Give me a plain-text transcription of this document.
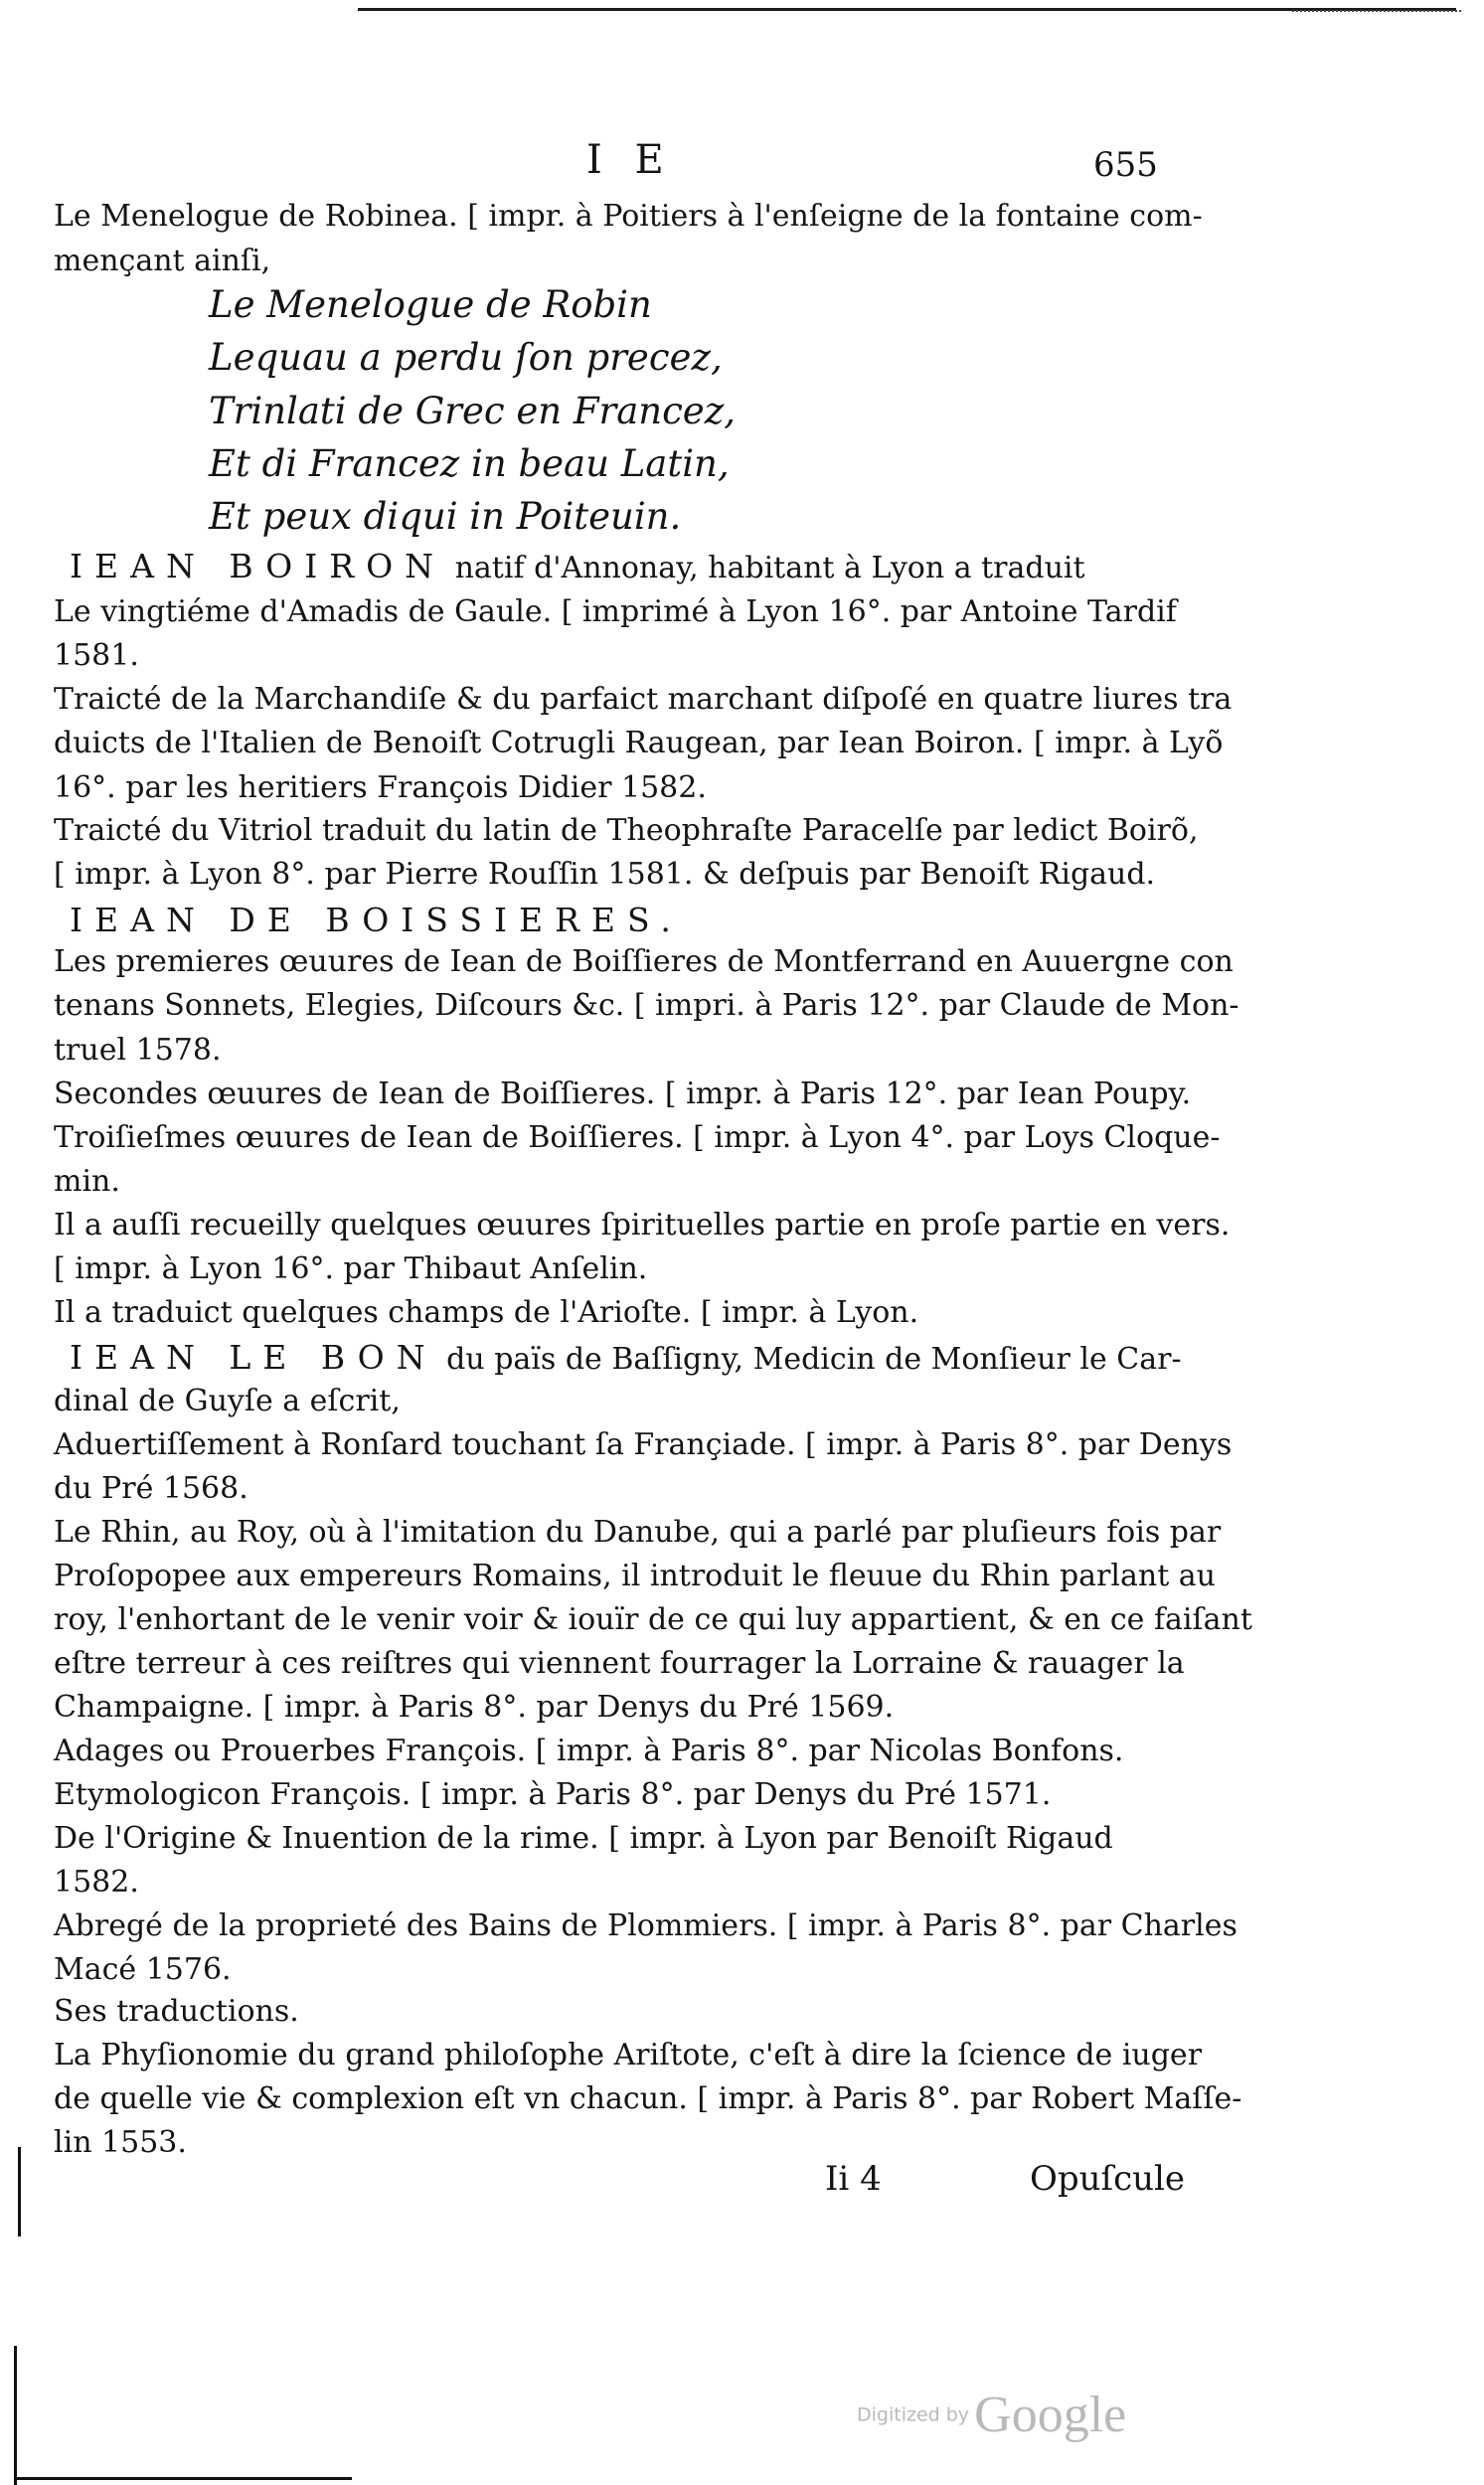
I E	655
Le Menelogue de Robinea. [ impr. à Poitiers à l'enſeigne de la fontaine com-
mençant ainſi,
Le Menelogue de Robin
Lequau a perdu ſon precez,
Trinlati de Grec en Francez,
Et di Francez in beau Latin,
Et peux diqui in Poiteuin.
IEAN BOIRON natif d'Annonay, habitant à Lyon a traduit
Le vingtiéme d'Amadis de Gaule. [ imprimé à Lyon 16°. par Antoine Tardif
1581.
Traicté de la Marchandiſe & du parfaict marchant diſpoſé en quatre liures tra
duicts de l'Italien de Benoiſt Cotrugli Raugean, par Iean Boiron. [ impr. à Lyõ
16°. par les heritiers François Didier 1582.
Traicté du Vitriol traduit du latin de Theophraſte Paracelſe par ledict Boirõ,
[ impr. à Lyon 8°. par Pierre Rouſſin 1581. & deſpuis par Benoiſt Rigaud.
IEAN DE BOISSIERES.
Les premieres œuures de Iean de Boiſſieres de Montferrand en Auuergne con
tenans Sonnets, Elegies, Diſcours &c. [ impri. à Paris 12°. par Claude de Mon-
truel 1578.
Secondes œuures de Iean de Boiſſieres. [ impr. à Paris 12°. par Iean Poupy.
Troiſieſmes œuures de Iean de Boiſſieres. [ impr. à Lyon 4°. par Loys Cloque-
min.
Il a auſſi recueilly quelques œuures ſpirituelles partie en proſe partie en vers.
[ impr. à Lyon 16°. par Thibaut Anſelin.
Il a traduict quelques champs de l'Arioſte. [ impr. à Lyon.
IEAN LE BON du païs de Baſſigny, Medicin de Monſieur le Car-
dinal de Guyſe a eſcrit,
Aduertiſſement à Ronſard touchant ſa Françiade. [ impr. à Paris 8°. par Denys
du Pré 1568.
Le Rhin, au Roy, où à l'imitation du Danube, qui a parlé par pluſieurs fois par
Proſopopee aux empereurs Romains, il introduit le fleuue du Rhin parlant au
roy, l'enhortant de le venir voir & iouïr de ce qui luy appartient, & en ce faiſant
eſtre terreur à ces reiſtres qui viennent fourrager la Lorraine & rauager la
Champaigne. [ impr. à Paris 8°. par Denys du Pré 1569.
Adages ou Prouerbes François. [ impr. à Paris 8°. par Nicolas Bonfons.
Etymologicon François. [ impr. à Paris 8°. par Denys du Pré 1571.
De l'Origine & Inuention de la rime. [ impr. à Lyon par Benoiſt Rigaud
1582.
Abregé de la proprieté des Bains de Plommiers. [ impr. à Paris 8°. par Charles
Macé 1576.
Ses traductions.
La Phyſionomie du grand philoſophe Ariſtote, c'eſt à dire la ſcience de iuger
de quelle vie & complexion eſt vn chacun. [ impr. à Paris 8°. par Robert Maſſe-
lin 1553.
Ii 4	Opuſcule
Digitized by Google
